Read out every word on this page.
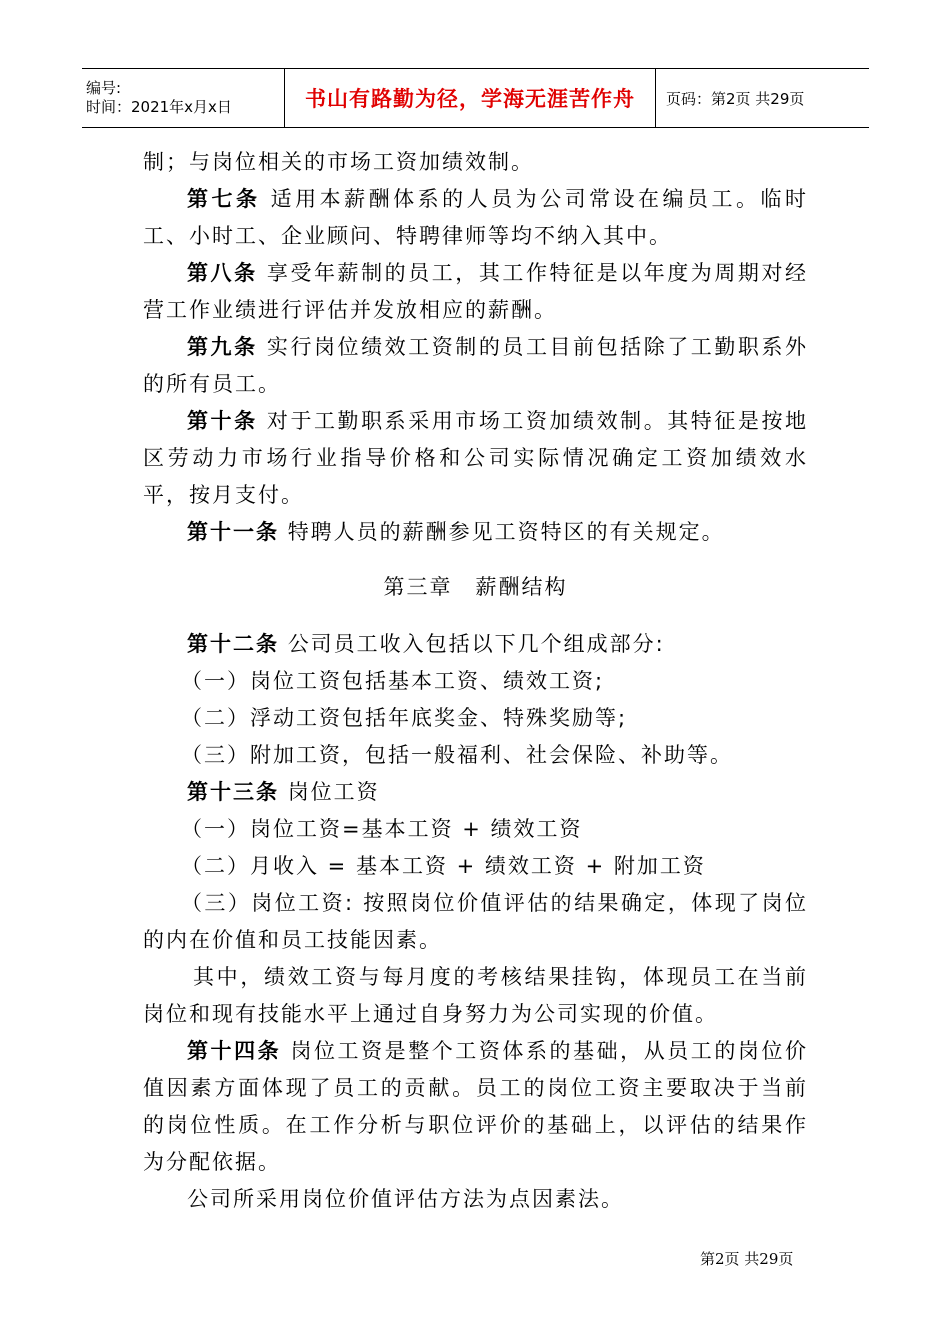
编号:
时间：2021年x月x日	书山有路勤为径，学海无涯苦作舟	页码：第2页 共29页

制；与岗位相关的市场工资加绩效制。

第七条 适用本薪酬体系的人员为公司常设在编员工。临时工、小时工、企业顾问、特聘律师等均不纳入其中。

第八条 享受年薪制的员工，其工作特征是以年度为周期对经营工作业绩进行评估并发放相应的薪酬。

第九条 实行岗位绩效工资制的员工目前包括除了工勤职系外的所有员工。

第十条 对于工勤职系采用市场工资加绩效制。其特征是按地区劳动力市场行业指导价格和公司实际情况确定工资加绩效水平，按月支付。

第十一条 特聘人员的薪酬参见工资特区的有关规定。

第三章　薪酬结构

第十二条 公司员工收入包括以下几个组成部分:

（一）岗位工资包括基本工资、绩效工资;

（二）浮动工资包括年底奖金、特殊奖励等;

（三）附加工资，包括一般福利、社会保险、补助等。

第十三条 岗位工资

（一）岗位工资=基本工资 + 绩效工资

（二）月收入 = 基本工资 + 绩效工资 + 附加工资

（三）岗位工资: 按照岗位价值评估的结果确定，体现了岗位的内在价值和员工技能因素。

其中，绩效工资与每月度的考核结果挂钩，体现员工在当前岗位和现有技能水平上通过自身努力为公司实现的价值。

第十四条 岗位工资是整个工资体系的基础，从员工的岗位价值因素方面体现了员工的贡献。员工的岗位工资主要取决于当前的岗位性质。在工作分析与职位评价的基础上，以评估的结果作为分配依据。

公司所采用岗位价值评估方法为点因素法。

第2页 共29页
